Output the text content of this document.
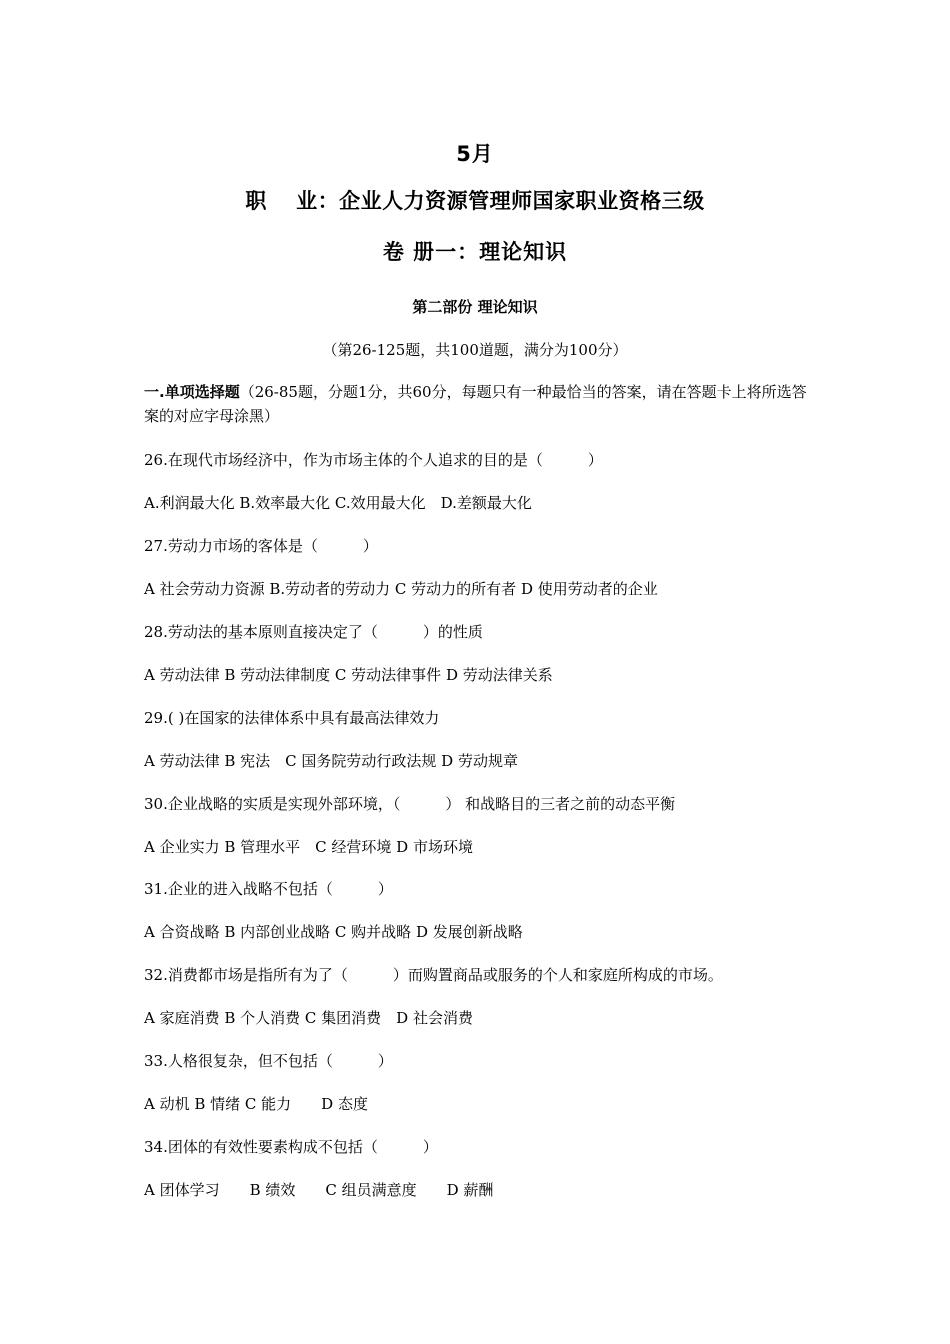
5月
职　 业：企业人力资源管理师国家职业资格三级
卷 册一：理论知识
第二部份 理论知识
（第26-125题，共100道题，满分为100分）
一.单项选择题（26-85题，分题1分，共60分，每题只有一种最恰当的答案，请在答题卡上将所选答案的对应字母涂黑）
26.在现代市场经济中，作为市场主体的个人追求的目的是（　　　）
A.利润最大化 B.效率最大化 C.效用最大化　D.差额最大化
27.劳动力市场的客体是（　　　）
A 社会劳动力资源 B.劳动者的劳动力 C 劳动力的所有者 D 使用劳动者的企业
28.劳动法的基本原则直接决定了（　　　）的性质
A 劳动法律 B 劳动法律制度 C 劳动法律事件 D 劳动法律关系
29.( )在国家的法律体系中具有最高法律效力
A 劳动法律 B 宪法　C 国务院劳动行政法规 D 劳动规章
30.企业战略的实质是实现外部环境，（　　　） 和战略目的三者之前的动态平衡
A 企业实力 B 管理水平　C 经营环境 D 市场环境
31.企业的进入战略不包括（　　　）
A 合资战略 B 内部创业战略 C 购并战略 D 发展创新战略
32.消费都市场是指所有为了（　　　）而购置商品或服务的个人和家庭所构成的市场。
A 家庭消费 B 个人消费 C 集团消费　D 社会消费
33.人格很复杂，但不包括（　　　）
A 动机 B 情绪 C 能力　　D 态度
34.团体的有效性要素构成不包括（　　　）
A 团体学习　　B 绩效　　C 组员满意度　　D 薪酬
